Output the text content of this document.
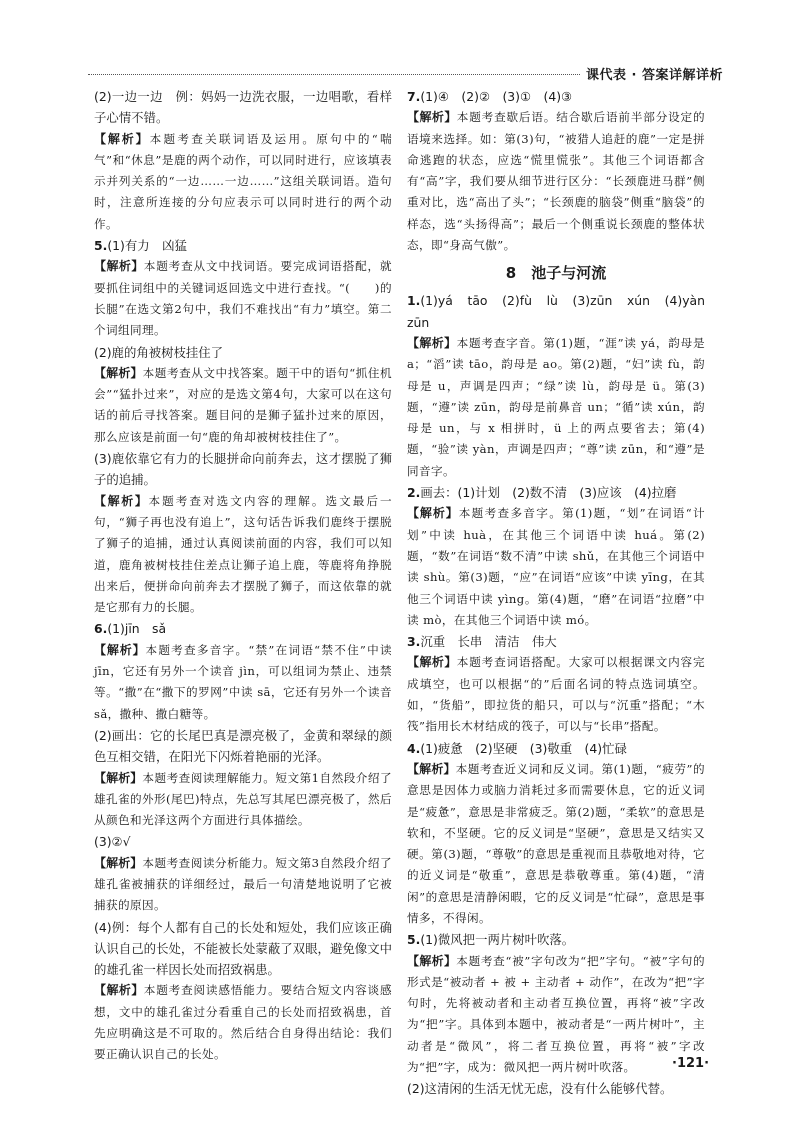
课代表 · 答案详解详析

(2)一边一边　例：妈妈一边洗衣服，一边唱歌，看样子心情不错。

【解析】本题考查关联词语及运用。原句中的“喘气”和“休息”是鹿的两个动作，可以同时进行，应该填表示并列关系的“一边……一边……”这组关联词语。造句时，注意所连接的分句应表示可以同时进行的两个动作。

5.(1)有力　凶猛

【解析】本题考查从文中找词语。要完成词语搭配，就要抓住词组中的关键词返回选文中进行查找。“(　　)的长腿”在选文第2句中，我们不难找出“有力”填空。第二个词组同理。

(2)鹿的角被树枝挂住了

【解析】本题考查从文中找答案。题干中的语句“抓住机会”“猛扑过来”，对应的是选文第4句，大家可以在这句话的前后寻找答案。题目问的是狮子猛扑过来的原因，那么应该是前面一句“鹿的角却被树枝挂住了”。

(3)鹿依靠它有力的长腿拼命向前奔去，这才摆脱了狮子的追捕。

【解析】本题考查对选文内容的理解。选文最后一句，“狮子再也没有追上”，这句话告诉我们鹿终于摆脱了狮子的追捕，通过认真阅读前面的内容，我们可以知道，鹿角被树枝挂住差点让狮子追上鹿，等鹿将角挣脱出来后，便拼命向前奔去才摆脱了狮子，而这依靠的就是它那有力的长腿。

6.(1)jīn　sǎ

【解析】本题考查多音字。“禁”在词语“禁不住”中读 jīn，它还有另外一个读音 jìn，可以组词为禁止、违禁等。“撒”在“撒下的罗网”中读 sā，它还有另外一个读音 sǎ，撒种、撒白糖等。

(2)画出：它的长尾巴真是漂亮极了，金黄和翠绿的颜色互相交错，在阳光下闪烁着艳丽的光泽。

【解析】本题考查阅读理解能力。短文第1自然段介绍了雄孔雀的外形(尾巴)特点，先总写其尾巴漂亮极了，然后从颜色和光泽这两个方面进行具体描绘。

(3)②√

【解析】本题考查阅读分析能力。短文第3自然段介绍了雄孔雀被捕获的详细经过，最后一句清楚地说明了它被捕获的原因。

(4)例：每个人都有自己的长处和短处，我们应该正确认识自己的长处，不能被长处蒙蔽了双眼，避免像文中的雄孔雀一样因长处而招致祸患。

【解析】本题考查阅读感悟能力。要结合短文内容谈感想，文中的雄孔雀过分看重自己的长处而招致祸患，首先应明确这是不可取的。然后结合自身得出结论：我们要正确认识自己的长处。

7.(1)④　(2)②　(3)①　(4)③

【解析】本题考查歇后语。结合歇后语前半部分设定的语境来选择。如：第(3)句，“被猎人追赶的鹿”一定是拼命逃跑的状态，应选“慌里慌张”。其他三个词语都含有“高”字，我们要从细节进行区分：“长颈鹿进马群”侧重对比，选“高出了头”；“长颈鹿的脑袋”侧重“脑袋”的样态，选“头扬得高”；最后一个侧重说长颈鹿的整体状态，即“身高气傲”。

8　池子与河流

1.(1)yá　tāo　(2)fù　lù　(3)zūn　xún　(4)yàn　zūn

【解析】本题考查字音。第(1)题，“涯”读 yá，韵母是 a；“滔”读 tāo，韵母是 ao。第(2)题，“妇”读 fù，韵母是 u，声调是四声；“绿”读 lù，韵母是 ü。第(3)题，“遵”读 zūn，韵母是前鼻音 un；“循”读 xún，韵母是 un，与 x 相拼时，ü 上的两点要省去；第(4)题，“验”读 yàn，声调是四声；“尊”读 zūn，和“遵”是同音字。

2.画去：(1)计划　(2)数不清　(3)应该　(4)拉磨

【解析】本题考查多音字。第(1)题，“划”在词语“计划”中读 huà，在其他三个词语中读 huá。第(2)题，“数”在词语“数不清”中读 shǔ，在其他三个词语中读 shù。第(3)题，“应”在词语“应该”中读 yīng，在其他三个词语中读 yìng。第(4)题，“磨”在词语“拉磨”中读 mò，在其他三个词语中读 mó。

3.沉重　长串　清洁　伟大

【解析】本题考查词语搭配。大家可以根据课文内容完成填空，也可以根据“的”后面名词的特点选词填空。如，“货船”，即拉货的船只，可以与“沉重”搭配；“木筏”指用长木材结成的筏子，可以与“长串”搭配。

4.(1)疲惫　(2)坚硬　(3)敬重　(4)忙碌

【解析】本题考查近义词和反义词。第(1)题，“疲劳”的意思是因体力或脑力消耗过多而需要休息，它的近义词是“疲惫”，意思是非常疲乏。第(2)题，“柔软”的意思是软和，不坚硬。它的反义词是“坚硬”，意思是又结实又硬。第(3)题，“尊敬”的意思是重视而且恭敬地对待，它的近义词是“敬重”，意思是恭敬尊重。第(4)题，“清闲”的意思是清静闲暇，它的反义词是“忙碌”，意思是事情多，不得闲。

5.(1)微风把一两片树叶吹落。

【解析】本题考查“被”字句改为“把”字句。“被”字句的形式是“被动者 + 被 + 主动者 + 动作”，在改为“把”字句时，先将被动者和主动者互换位置，再将“被”字改为“把”字。具体到本题中，被动者是“一两片树叶”，主动者是“微风”，将二者互换位置，再将“被”字改为“把”字，成为：微风把一两片树叶吹落。

(2)这清闲的生活无忧无虑，没有什么能够代替。

·121·
